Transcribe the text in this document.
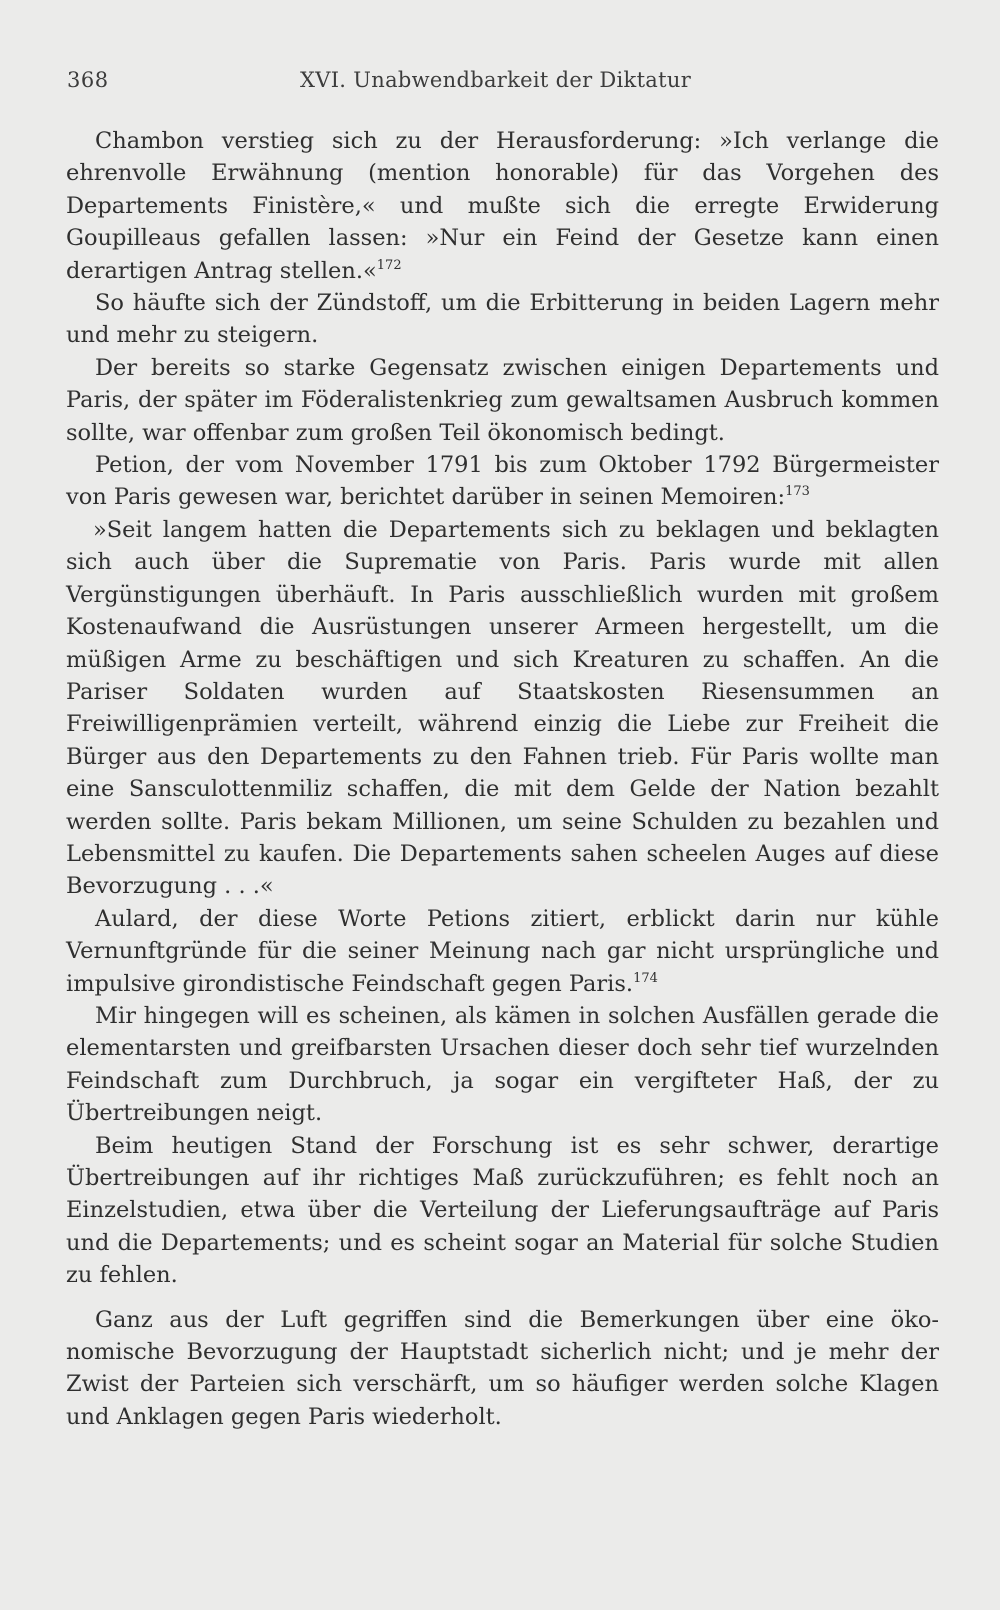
368	XVI. Unabwendbarkeit der Diktatur

Chambon verstieg sich zu der Herausforderung: »Ich verlange die ehrenvolle Erwähnung (mention honorable) für das Vorgehen des Departements Finistère,« und mußte sich die erregte Erwiderung Goupilleaus gefallen lassen: »Nur ein Feind der Gesetze kann einen derartigen Antrag stellen.«$^{172}$

So häufte sich der Zündstoff, um die Erbitterung in beiden Lagern mehr und mehr zu steigern.

Der bereits so starke Gegensatz zwischen einigen Departements und Paris, der später im Föderalistenkrieg zum gewaltsamen Ausbruch kommen sollte, war offenbar zum großen Teil ökonomisch bedingt.

Petion, der vom November 1791 bis zum Oktober 1792 Bürgermeister von Paris gewesen war, berichtet darüber in seinen Memoiren:$^{173}$

»Seit langem hatten die Departements sich zu beklagen und beklagten sich auch über die Suprematie von Paris. Paris wurde mit allen Vergünstigungen überhäuft. In Paris ausschließlich wurden mit großem Kostenaufwand die Ausrüstungen unserer Armeen hergestellt, um die müßigen Arme zu beschäftigen und sich Kreaturen zu schaffen. An die Pariser Soldaten wurden auf Staatskosten Riesensummen an Freiwilligenprämien verteilt, während einzig die Liebe zur Freiheit die Bürger aus den Departements zu den Fahnen trieb. Für Paris wollte man eine Sansculottenmiliz schaffen, die mit dem Gelde der Nation bezahlt werden sollte. Paris bekam Millionen, um seine Schulden zu bezahlen und Lebensmittel zu kaufen. Die Departements sahen scheelen Auges auf diese Bevorzugung . . .«

Aulard, der diese Worte Petions zitiert, erblickt darin nur kühle Vernunftgründe für die seiner Meinung nach gar nicht ursprüngliche und impulsive girondistische Feindschaft gegen Paris.$^{174}$

Mir hingegen will es scheinen, als kämen in solchen Ausfällen gerade die elementarsten und greifbarsten Ursachen dieser doch sehr tief wurzelnden Feindschaft zum Durchbruch, ja sogar ein vergifteter Haß, der zu Übertreibungen neigt.

Beim heutigen Stand der Forschung ist es sehr schwer, derartige Übertreibungen auf ihr richtiges Maß zurückzuführen; es fehlt noch an Einzelstudien, etwa über die Verteilung der Lieferungsaufträge auf Paris und die Departements; und es scheint sogar an Material für solche Studien zu fehlen.

Ganz aus der Luft gegriffen sind die Bemerkungen über eine ökonomische Bevorzugung der Hauptstadt sicherlich nicht; und je mehr der Zwist der Parteien sich verschärft, um so häufiger werden solche Klagen und Anklagen gegen Paris wiederholt.
